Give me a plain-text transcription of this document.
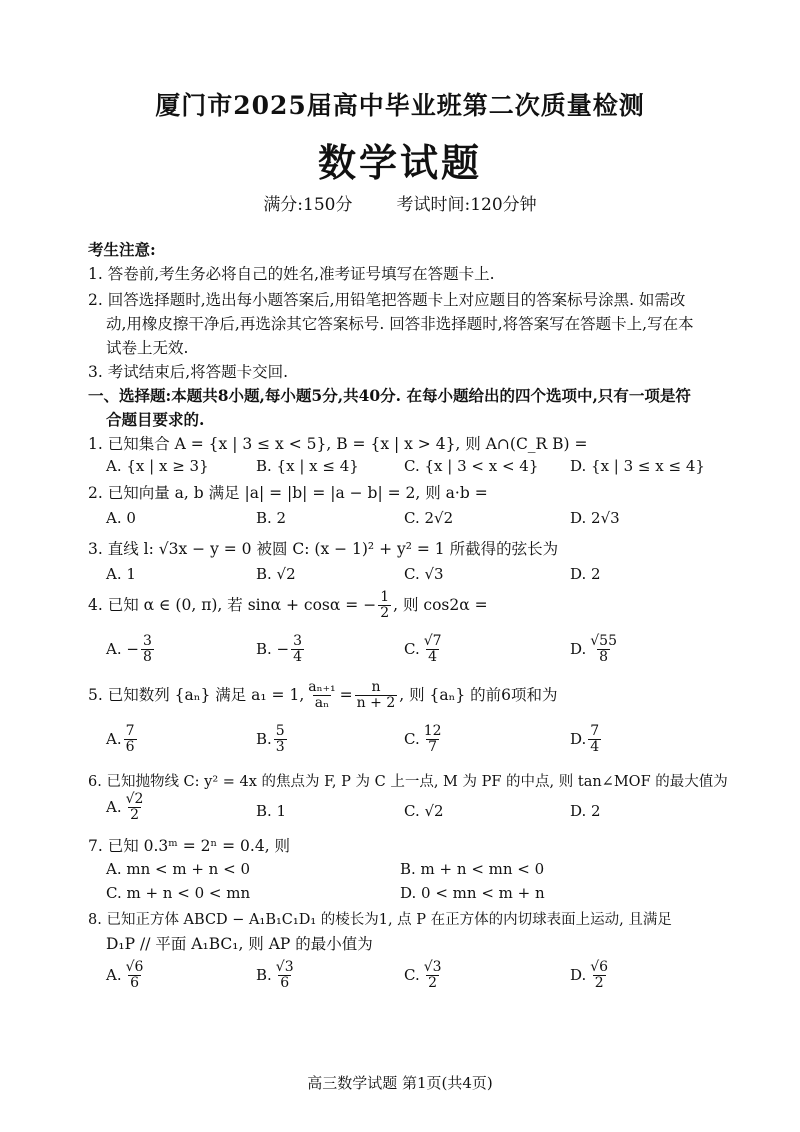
厦门市2025届高中毕业班第二次质量检测
数学试题
满分:150分	考试时间:120分钟
考生注意:
1. 答卷前,考生务必将自己的姓名,准考证号填写在答题卡上.
2. 回答选择题时,选出每小题答案后,用铅笔把答题卡上对应题目的答案标号涂黑. 如需改
动,用橡皮擦干净后,再选涂其它答案标号. 回答非选择题时,将答案写在答题卡上,写在本
试卷上无效.
3. 考试结束后,将答题卡交回.
一、选择题:本题共8小题,每小题5分,共40分. 在每小题给出的四个选项中,只有一项是符
合题目要求的.
1. 已知集合 A = {x | 3 ≤ x < 5}, B = {x | x > 4}, 则 A∩(C_R B) =
A. {x | x ≥ 3}	B. {x | x ≤ 4}	C. {x | 3 < x < 4} D. {x | 3 ≤ x ≤ 4}
2. 已知向量 a, b 满足 |a| = |b| = |a − b| = 2, 则 a·b =
A. 0	B. 2	C. 2√2	D. 2√3
3. 直线 l: √3x − y = 0 被圆 C: (x − 1)² + y² = 1 所截得的弦长为
A. 1	B. √2	C. √3	D. 2
4. 已知 α ∈ (0, π), 若 sinα + cosα = − $\frac{1}{2}$ , 则 cos2α =
A. − $\frac{3}{8}$	B. − $\frac{3}{4}$	C. $\frac{√7}{4}$	D. $\frac{√55}{8}$
5. 已知数列 {aₙ} 满足 a₁ = 1, $\frac{\text{aₙ₊₁}}{\text{aₙ}} = \frac{n}{n + 2}$ , 则 {aₙ} 的前6项和为
A. $\frac{7}{6}$	B. $\frac{5}{3}$	C. $\frac{12}{7}$	D. $\frac{7}{4}$
6. 已知抛物线 C: y² = 4x 的焦点为 F, P 为 C 上一点, M 为 PF 的中点, 则 tan∠MOF 的最大值为
A. $\frac{√2}{2}$	B. 1	C. √2	D. 2
7. 已知 0.3ᵐ = 2ⁿ = 0.4, 则
A. mn < m + n < 0	B. m + n < mn < 0
C. m + n < 0 < mn	D. 0 < mn < m + n
8. 已知正方体 ABCD − A₁B₁C₁D₁ 的棱长为1, 点 P 在正方体的内切球表面上运动, 且满足
D₁P // 平面 A₁BC₁, 则 AP 的最小值为
A. $\frac{√6}{6}$	B. $\frac{√3}{6}$	C. $\frac{√3}{2}$	D. $\frac{√6}{2}$
高三数学试题 第1页(共4页)
